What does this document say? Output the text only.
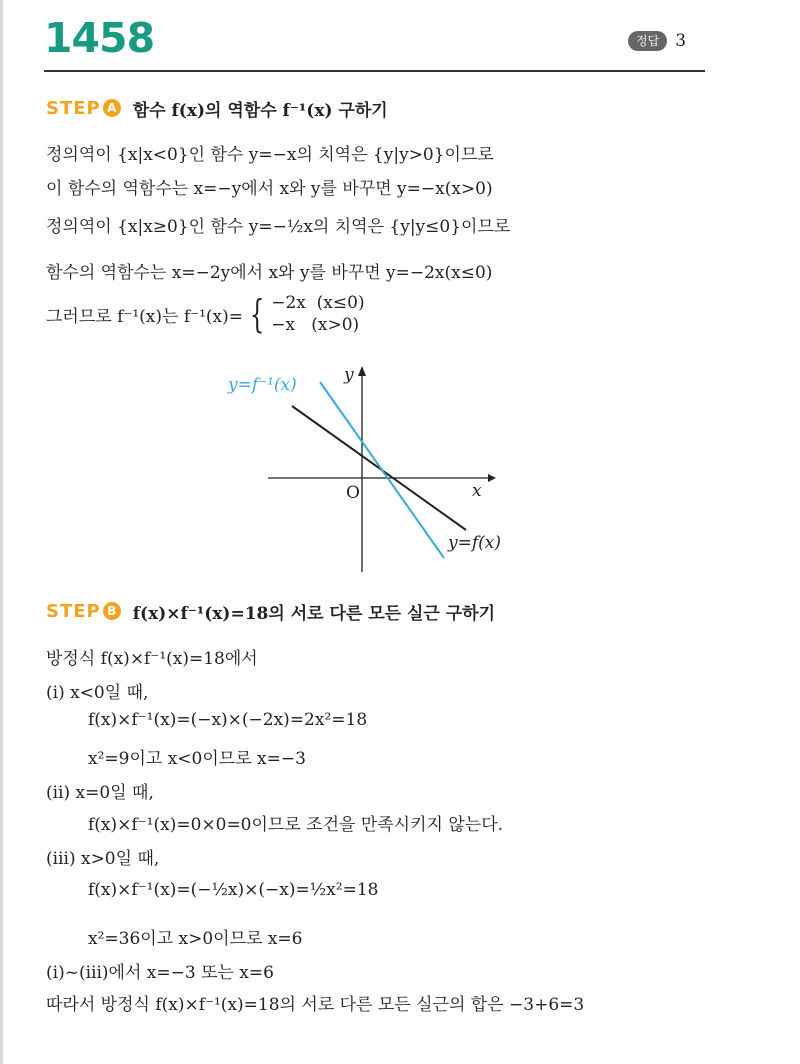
1458	정답 3
STEP A 함수 f(x)의 역함수 f⁻¹(x) 구하기
정의역이 {x|x<0}인 함수 y=−x의 치역은 {y|y>0}이므로
이 함수의 역함수는 x=−y에서 x와 y를 바꾸면 y=−x(x>0)
정의역이 {x|x≥0}인 함수 y=−½x의 치역은 {y|y≤0}이므로
함수의 역함수는 x=−2y에서 x와 y를 바꾸면 y=−2x(x≤0)
그러므로 f⁻¹(x)는 f⁻¹(x)= { −2x  (x≤0)
−x   (x>0)
O	x
y
y=f⁻¹(x)
y=f(x)
STEP B f(x)×f⁻¹(x)=18의 서로 다른 모든 실근 구하기
방정식 f(x)×f⁻¹(x)=18에서
(ⅰ) x<0일 때,
f(x)×f⁻¹(x)=(−x)×(−2x)=2x²=18
x²=9이고 x<0이므로 x=−3
(ⅱ) x=0일 때,
f(x)×f⁻¹(x)=0×0=0이므로 조건을 만족시키지 않는다.
(ⅲ) x>0일 때,
f(x)×f⁻¹(x)=(−½x)×(−x)=½x²=18
x²=36이고 x>0이므로 x=6
(ⅰ)~(ⅲ)에서 x=−3 또는 x=6
따라서 방정식 f(x)×f⁻¹(x)=18의 서로 다른 모든 실근의 합은 −3+6=3
